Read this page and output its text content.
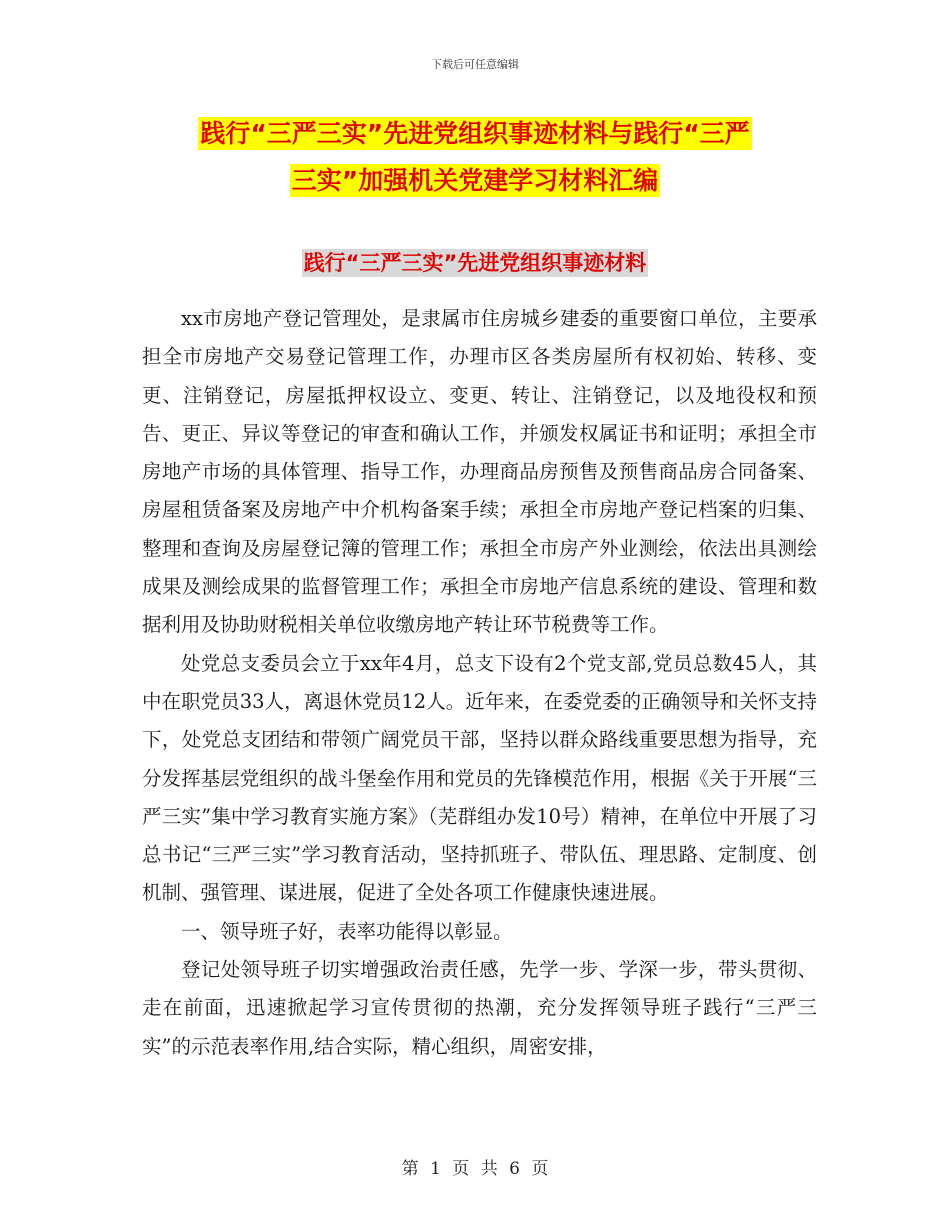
下载后可任意编辑
践行“三严三实”先进党组织事迹材料与践行“三严
三实”加强机关党建学习材料汇编
践行“三严三实”先进党组织事迹材料

xx市房地产登记管理处，是隶属市住房城乡建委的重要窗口单位，主要承担全市房地产交易登记管理工作，办理市区各类房屋所有权初始、转移、变更、注销登记，房屋抵押权设立、变更、转让、注销登记，以及地役权和预告、更正、异议等登记的审查和确认工作，并颁发权属证书和证明；承担全市房地产市场的具体管理、指导工作，办理商品房预售及预售商品房合同备案、房屋租赁备案及房地产中介机构备案手续；承担全市房地产登记档案的归集、整理和查询及房屋登记簿的管理工作；承担全市房产外业测绘，依法出具测绘成果及测绘成果的监督管理工作；承担全市房地产信息系统的建设、管理和数据利用及协助财税相关单位收缴房地产转让环节税费等工作。

处党总支委员会立于xx年4月，总支下设有2个党支部,党员总数45人，其中在职党员33人，离退休党员12人。近年来，在委党委的正确领导和关怀支持下，处党总支团结和带领广阔党员干部，坚持以群众路线重要思想为指导，充分发挥基层党组织的战斗堡垒作用和党员的先锋模范作用，根据《关于开展“三严三实”集中学习教育实施方案》（芜群组办发10号）精神，在单位中开展了习总书记“三严三实”学习教育活动，坚持抓班子、带队伍、理思路、定制度、创机制、强管理、谋进展，促进了全处各项工作健康快速进展。

一、领导班子好，表率功能得以彰显。

登记处领导班子切实增强政治责任感，先学一步、学深一步，带头贯彻、走在前面，迅速掀起学习宣传贯彻的热潮，充分发挥领导班子践行“三严三实”的示范表率作用,结合实际，精心组织，周密安排，

第 1 页 共 6 页
